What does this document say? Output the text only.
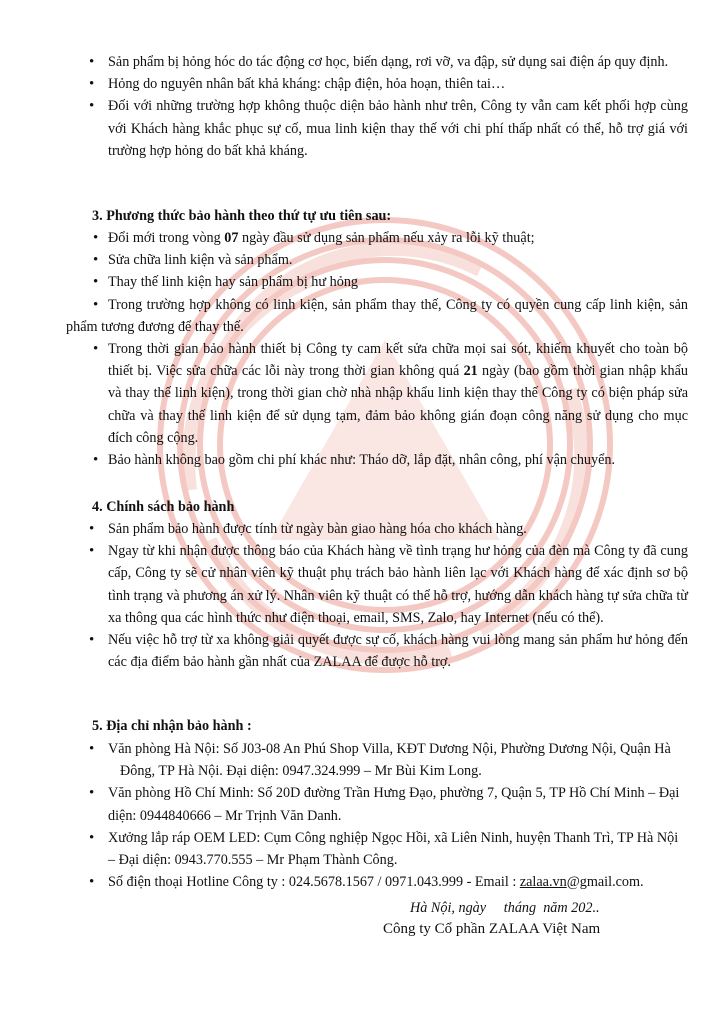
• Sản phẩm bị hỏng hóc do tác động cơ học, biến dạng, rơi vỡ, va đập, sử dụng sai điện áp quy định.
• Hỏng do nguyên nhân bất khả kháng: chập điện, hỏa hoạn, thiên tai…
• Đối với những trường hợp không thuộc diện bảo hành như trên, Công ty vẫn cam kết phối hợp cùng với Khách hàng khắc phục sự cố, mua linh kiện thay thế với chi phí thấp nhất có thể, hỗ trợ giá với trường hợp hỏng do bất khả kháng.

3. Phương thức bảo hành theo thứ tự ưu tiên sau:

• Đổi mới trong vòng 07 ngày đầu sử dụng sản phẩm nếu xảy ra lỗi kỹ thuật;
• Sửa chữa linh kiện và sản phẩm.
• Thay thế linh kiện hay sản phẩm bị hư hỏng
• Trong trường hợp không có linh kiện, sản phẩm thay thế, Công ty có quyền cung cấp linh kiện, sản phẩm tương đương để thay thế.
• Trong thời gian bảo hành thiết bị Công ty cam kết sửa chữa mọi sai sót, khiếm khuyết cho toàn bộ thiết bị. Việc sửa chữa các lỗi này trong thời gian không quá 21 ngày (bao gồm thời gian nhập khẩu và thay thế linh kiện), trong thời gian chờ nhà nhập khẩu linh kiện thay thế Công ty có biện pháp sửa chữa và thay thế linh kiện để sử dụng tạm, đảm bảo không gián đoạn công năng sử dụng cho mục đích công cộng.
• Bảo hành không bao gồm chi phí khác như: Tháo dỡ, lắp đặt, nhân công, phí vận chuyển.

4. Chính sách bảo hành

• Sản phẩm bảo hành được tính từ ngày bàn giao hàng hóa cho khách hàng.
• Ngay từ khi nhận được thông báo của Khách hàng về tình trạng hư hỏng của đèn mà Công ty đã cung cấp, Công ty sẽ cử nhân viên kỹ thuật phụ trách bảo hành liên lạc với Khách hàng để xác định sơ bộ tình trạng và phương án xử lý. Nhân viên kỹ thuật có thể hỗ trợ, hướng dẫn khách hàng tự sửa chữa từ xa thông qua các hình thức như điện thoại, email, SMS, Zalo, hay Internet (nếu có thể).
• Nếu việc hỗ trợ từ xa không giải quyết được sự cố, khách hàng vui lòng mang sản phẩm hư hỏng đến các địa điểm bảo hành gần nhất của ZALAA để được hỗ trợ.

5. Địa chỉ nhận bảo hành :

• Văn phòng Hà Nội: Số J03-08 An Phú Shop Villa, KĐT Dương Nội, Phường Dương Nội, Quận Hà Đông, TP Hà Nội. Đại diện: 0947.324.999 – Mr Bùi Kim Long.
• Văn phòng Hồ Chí Minh: Số 20D đường Trần Hưng Đạo, phường 7, Quận 5, TP Hồ Chí Minh – Đại diện: 0944840666 – Mr Trịnh Văn Danh.
• Xưởng lắp ráp OEM LED: Cụm Công nghiệp Ngọc Hồi, xã Liên Ninh, huyện Thanh Trì, TP Hà Nội – Đại diện: 0943.770.555 – Mr Phạm Thành Công.
• Số điện thoại Hotline Công ty : 024.5678.1567 / 0971.043.999 - Email : zalaa.vn@gmail.com.
Hà Nội, ngày     tháng  năm 202..
Công ty Cổ phần ZALAA Việt Nam
